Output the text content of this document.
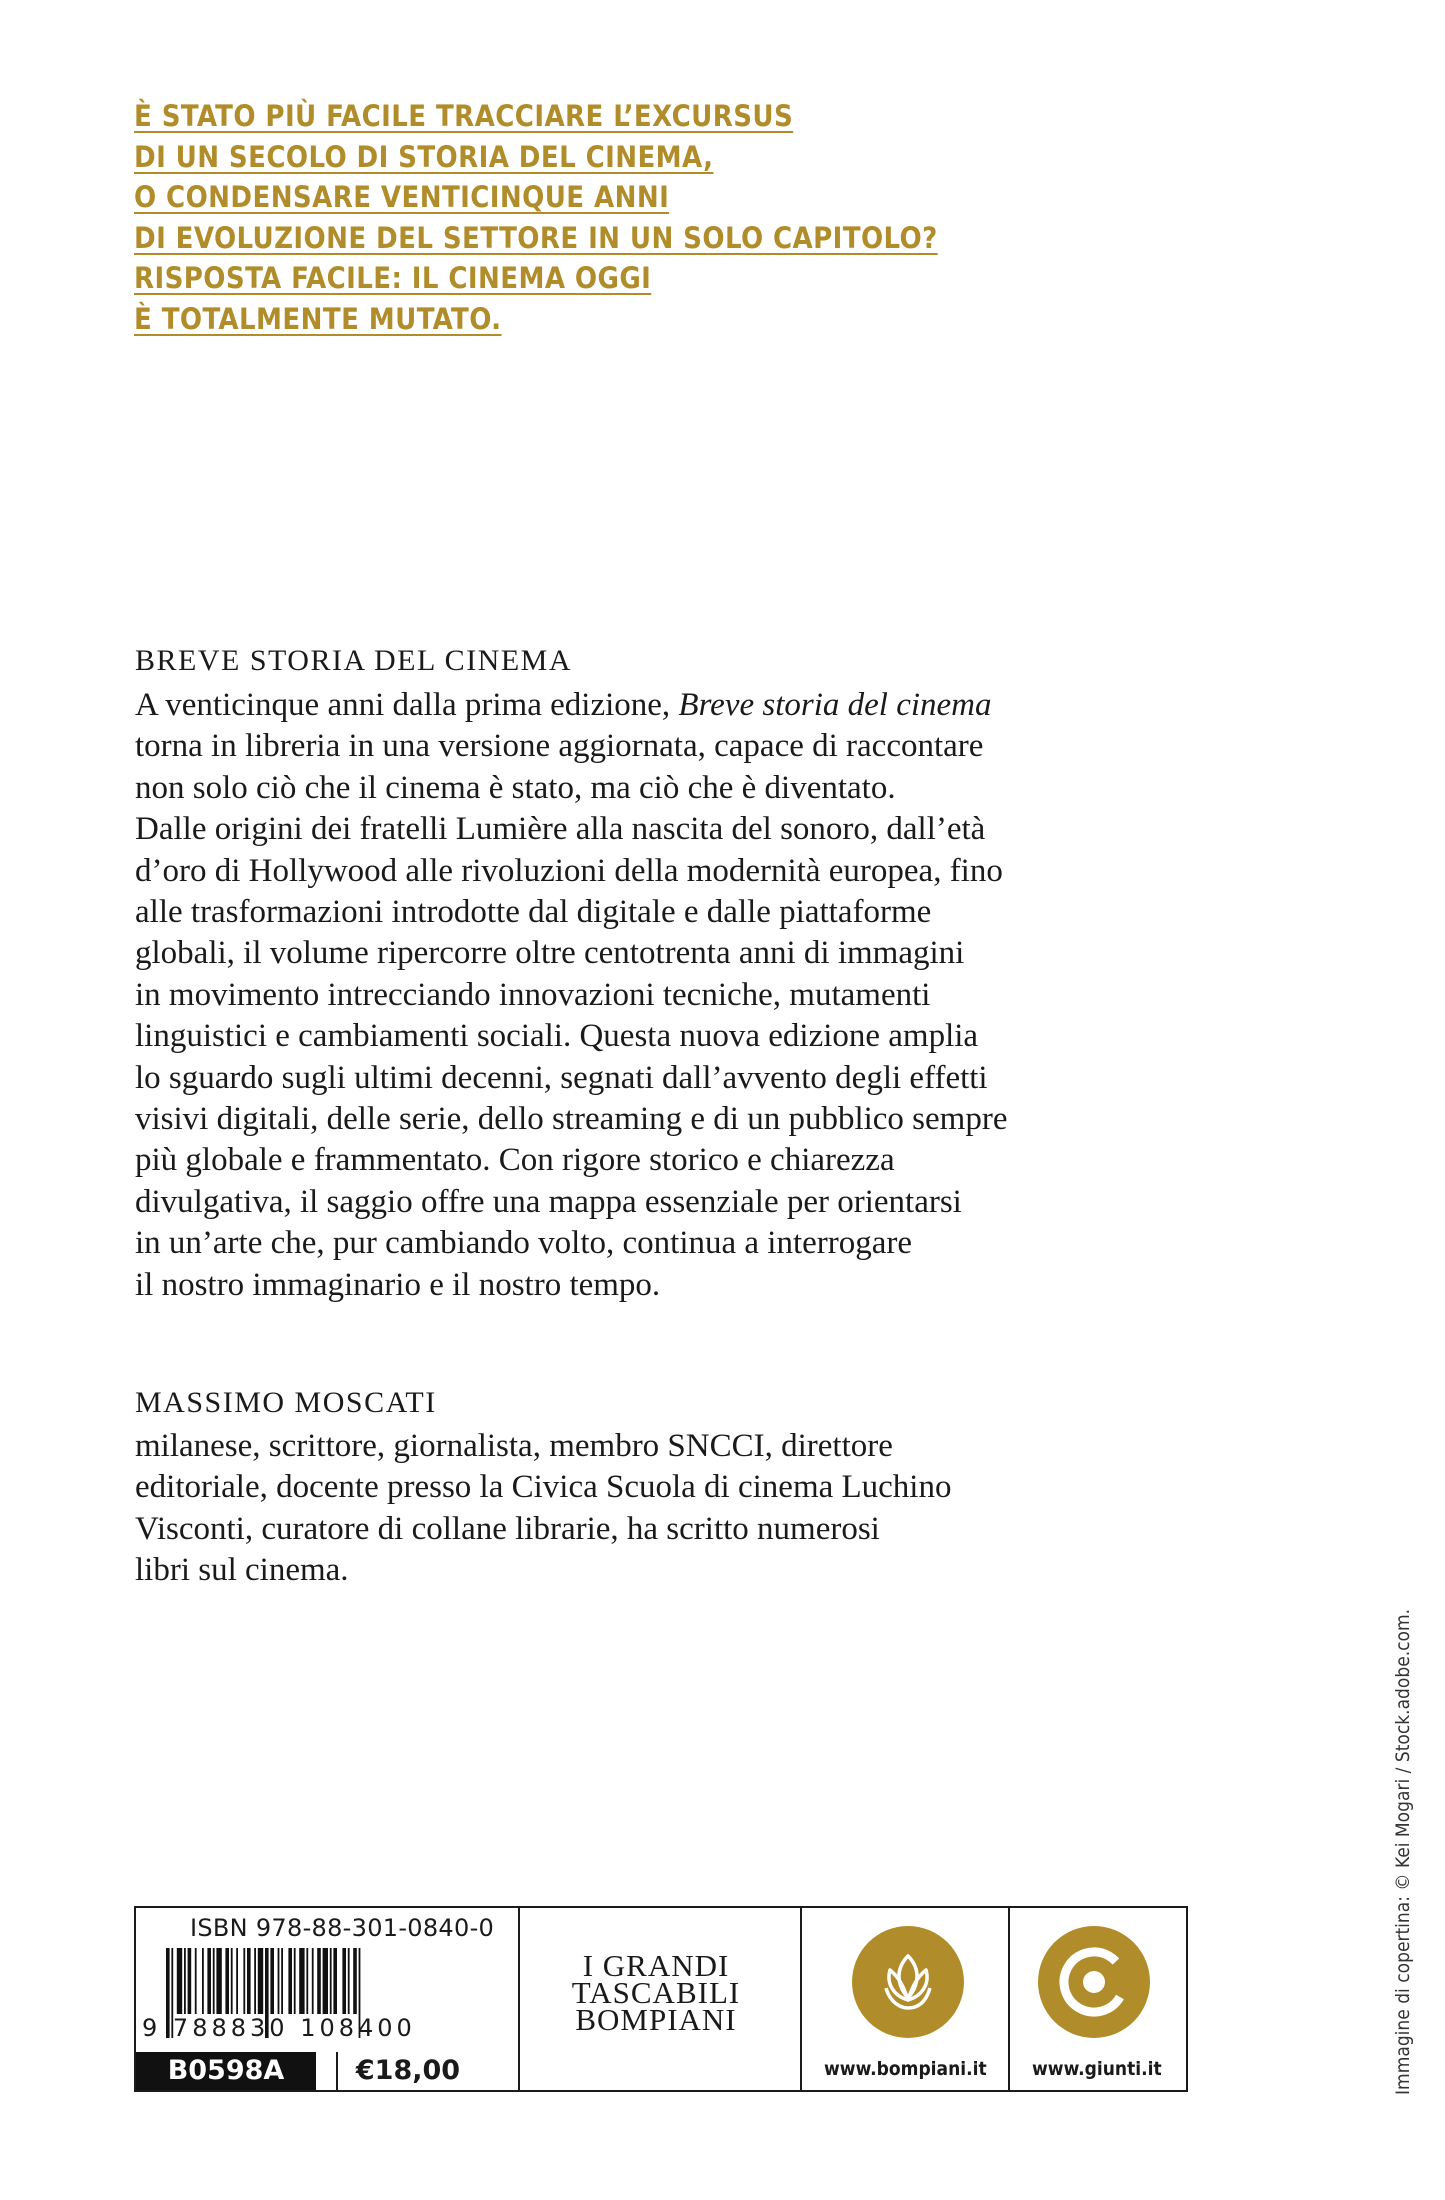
È STATO PIÙ FACILE TRACCIARE L’EXCURSUS
DI UN SECOLO DI STORIA DEL CINEMA,
O CONDENSARE VENTICINQUE ANNI
DI EVOLUZIONE DEL SETTORE IN UN SOLO CAPITOLO?
RISPOSTA FACILE: IL CINEMA OGGI
È TOTALMENTE MUTATO.
BREVE STORIA DEL CINEMA
A venticinque anni dalla prima edizione, Breve storia del cinema
torna in libreria in una versione aggiornata, capace di raccontare
non solo ciò che il cinema è stato, ma ciò che è diventato.
Dalle origini dei fratelli Lumière alla nascita del sonoro, dall’età
d’oro di Hollywood alle rivoluzioni della modernità europea, fino
alle trasformazioni introdotte dal digitale e dalle piattaforme
globali, il volume ripercorre oltre centotrenta anni di immagini
in movimento intrecciando innovazioni tecniche, mutamenti
linguistici e cambiamenti sociali. Questa nuova edizione amplia
lo sguardo sugli ultimi decenni, segnati dall’avvento degli effetti
visivi digitali, delle serie, dello streaming e di un pubblico sempre
più globale e frammentato. Con rigore storico e chiarezza
divulgativa, il saggio offre una mappa essenziale per orientarsi
in un’arte che, pur cambiando volto, continua a interrogare
il nostro immaginario e il nostro tempo.
MASSIMO MOSCATI
milanese, scrittore, giornalista, membro SNCCI, direttore
editoriale, docente presso la Civica Scuola di cinema Luchino
Visconti, curatore di collane librarie, ha scritto numerosi
libri sul cinema.
Immagine di copertina: © Kei Mogari / Stock.adobe.com.
ISBN 978-88-301-0840-0
9 788830 108400
B0598A	€18,00
I GRANDI
TASCABILI
BOMPIANI
www.bompiani.it www.giunti.it
